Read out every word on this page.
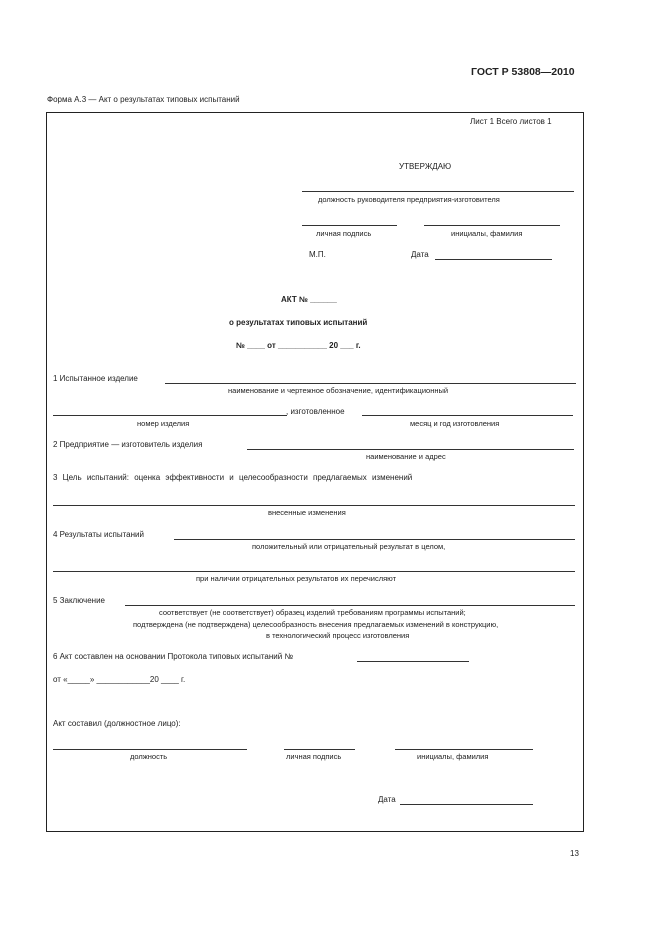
ГОСТ Р 53808—2010
Форма А.3 — Акт о результатах типовых испытаний
Лист 1 Всего листов 1
УТВЕРЖДАЮ
должность руководителя предприятия-изготовителя
личная подпись	инициалы, фамилия
М.П.	Дата
АКТ № ______
о результатах типовых испытаний
№ ____ от ___________ 20 ___ г.
1 Испытанное изделие
наименование и чертежное обозначение, идентификационный
, изготовленное
номер изделия	месяц и год изготовления
2 Предприятие — изготовитель изделия
наименование и адрес
3 Цель испытаний: оценка эффективности и целесообразности предлагаемых изменений
внесенные изменения
4 Результаты испытаний
положительный или отрицательный результат в целом,
при наличии отрицательных результатов их перечисляют
5 Заключение
соответствует (не соответствует) образец изделий требованиям программы испытаний;
подтверждена (не подтверждена) целесообразность внесения предлагаемых изменений в конструкцию,
в технологический процесс изготовления
6 Акт составлен на основании Протокола типовых испытаний №
от «_____» ____________20 ____ г.
Акт составил (должностное лицо):
должность	личная подпись	инициалы, фамилия
Дата
13
